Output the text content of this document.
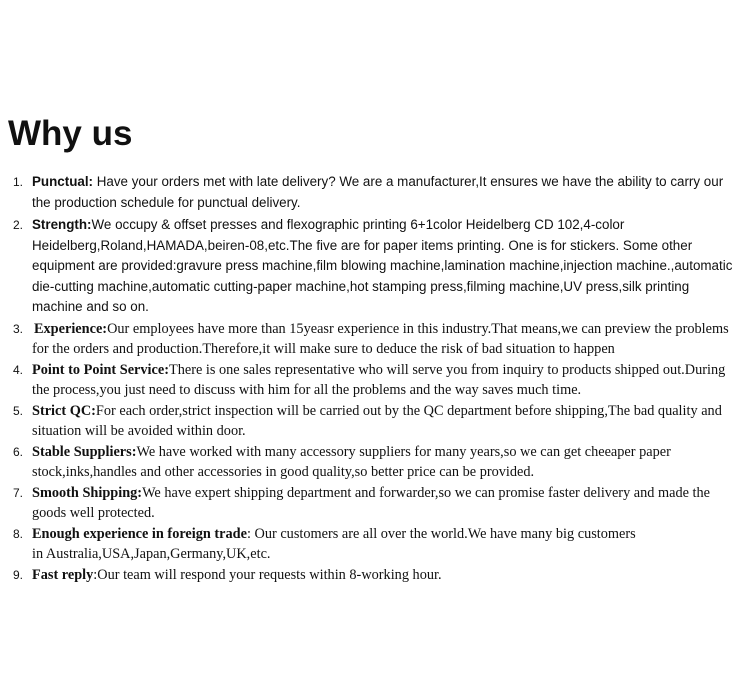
Why us
1. Punctual: Have your orders met with late delivery? We are a manufacturer,It ensures we have the ability to carry our the production schedule for punctual delivery.
2. Strength:We occupy & offset presses and flexographic printing 6+1color Heidelberg CD 102,4-color Heidelberg,Roland,HAMADA,beiren-08,etc.The five are for paper items printing. One is for stickers. Some other equipment are provided:gravure press machine,film blowing machine,lamination machine,injection machine.,automatic die-cutting machine,automatic cutting-paper machine,hot stamping press,filming machine,UV press,silk printing machine and so on.
3. Experience:Our employees have more than 15yeasr experience in this industry.That means,we can preview the problems for the orders and production.Therefore,it will make sure to deduce the risk of bad situation to happen
4. Point to Point Service:There is one sales representative who will serve you from inquiry to products shipped out.During the process,you just need to discuss with him for all the problems and the way saves much time.
5. Strict QC:For each order,strict inspection will be carried out by the QC department before shipping,The bad quality and situation will be avoided within door.
6. Stable Suppliers:We have worked with many accessory suppliers for many years,so we can get cheeaper paper stock,inks,handles and other accessories in good quality,so better price can be provided.
7. Smooth Shipping:We have expert shipping department and forwarder,so we can promise faster delivery and made the goods well protected.
8. Enough experience in foreign trade: Our customers are all over the world.We have many big customers
in Australia,USA,Japan,Germany,UK,etc.
9. Fast reply:Our team will respond your requests within 8-working hour.
